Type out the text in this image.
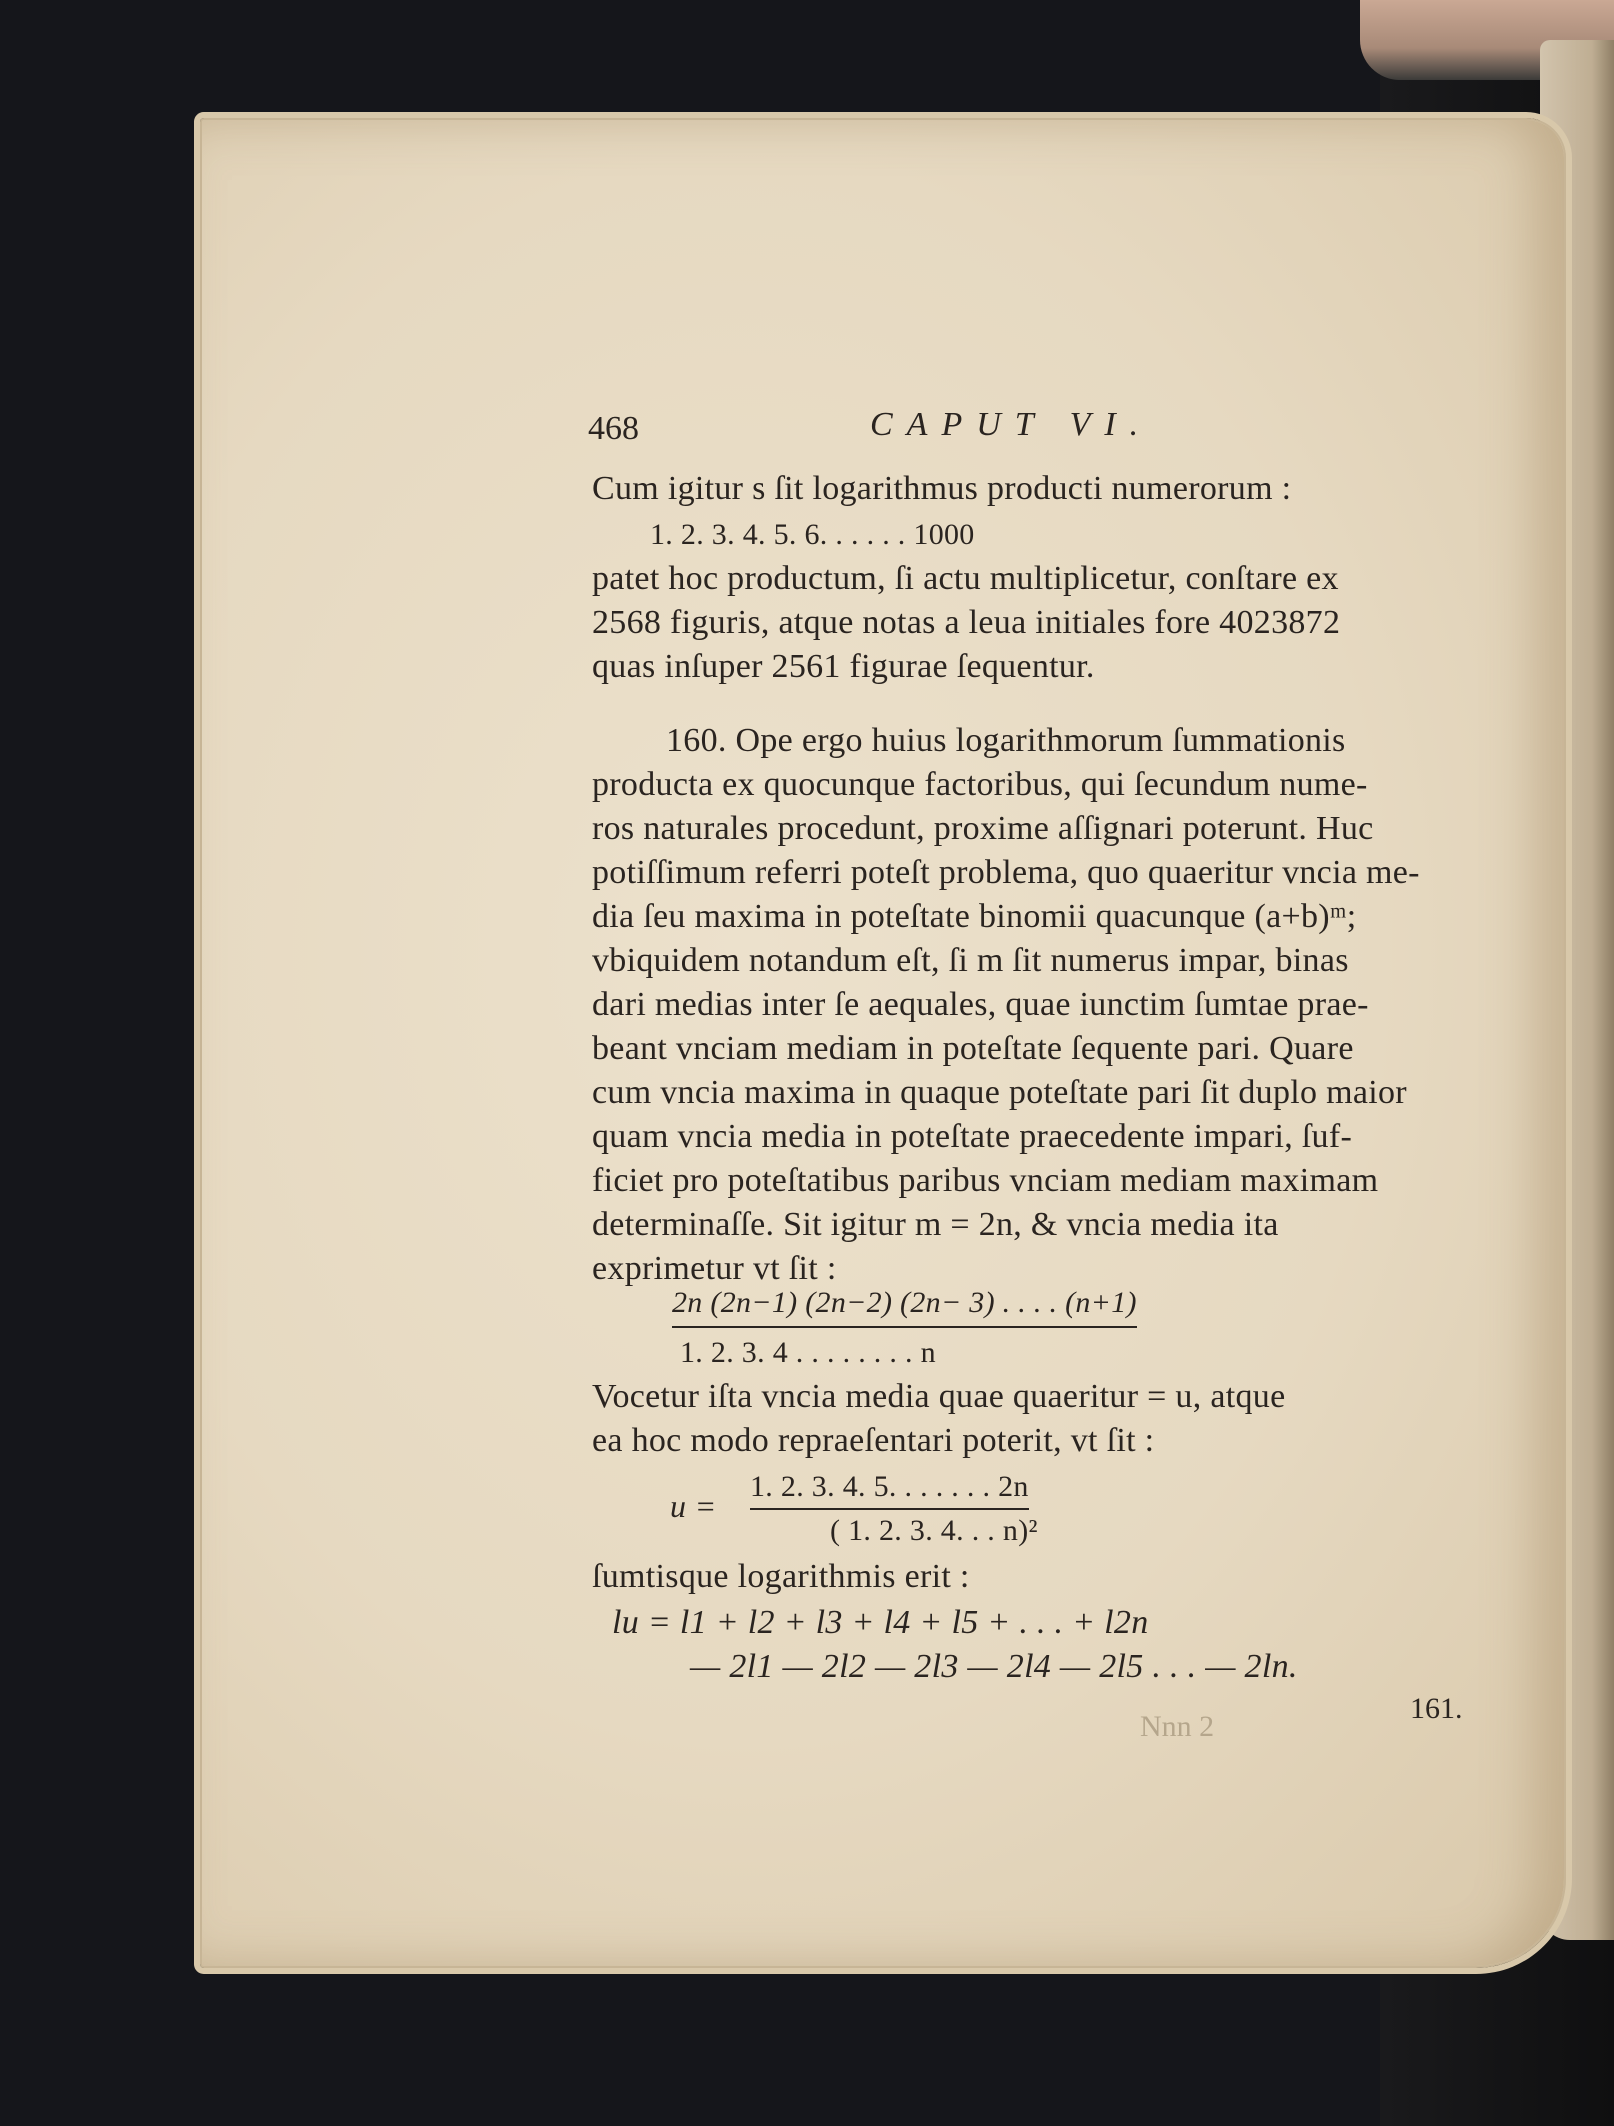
468	CAPUT VI.
Cum igitur s ſit logarithmus producti numerorum :
1. 2. 3. 4. 5. 6. . . . . . 1000
patet hoc productum, ſi actu multiplicetur, conſtare ex
2568 figuris, atque notas a leua initiales fore 4023872
quas inſuper 2561 figurae ſequentur.
160. Ope ergo huius logarithmorum ſummationis
producta ex quocunque factoribus, qui ſecundum nume-
ros naturales procedunt, proxime aſſignari poterunt. Huc
potiſſimum referri poteſt problema, quo quaeritur vncia me-
dia ſeu maxima in poteſtate binomii quacunque (a+b)ᵐ;
vbiquidem notandum eſt, ſi m ſit numerus impar, binas
dari medias inter ſe aequales, quae iunctim ſumtae prae-
beant vnciam mediam in poteſtate ſequente pari. Quare
cum vncia maxima in quaque poteſtate pari ſit duplo maior
quam vncia media in poteſtate praecedente impari, ſuf-
ficiet pro poteſtatibus paribus vnciam mediam maximam
determinaſſe. Sit igitur m = 2n, & vncia media ita
exprimetur vt ſit :
2n (2n−1) (2n−2) (2n− 3) . . . . (n+1)
1. 2. 3. 4 . . . . . . . . n
Vocetur iſta vncia media quae quaeritur = u, atque
ea hoc modo repraeſentari poterit, vt ſit :
u =
1. 2. 3. 4. 5. . . . . . . 2n
( 1. 2. 3. 4. . . n)²
ſumtisque logarithmis erit :
lu = l1 + l2 + l3 + l4 + l5 + . . . + l2n
— 2l1 — 2l2 — 2l3 — 2l4 — 2l5 . . . — 2ln.
161.
Nnn 2
